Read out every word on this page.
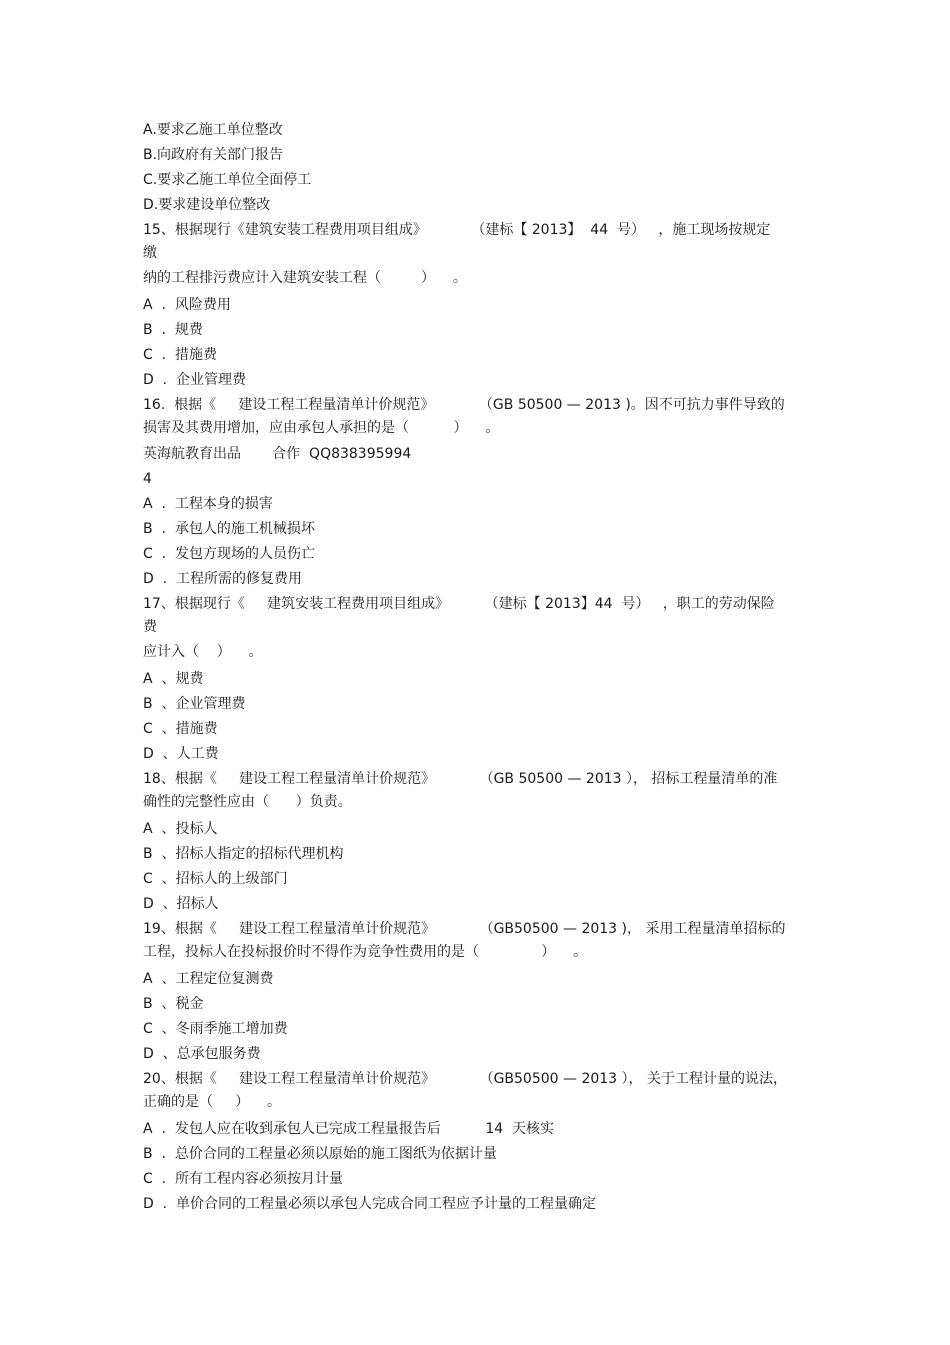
A.要求乙施工单位整改
B.向政府有关部门报告
C.要求乙施工单位全面停工
D.要求建设单位整改
15、根据现行《建筑安装工程费用项目组成》          （建标【 2013】  44  号）   ，施工现场按规定
缴
纳的工程排污费应计入建筑安装工程（         ）    。
A  .  风险费用
B  .  规费
C  .  措施费
D  .  企业管理费
16.  根据《     建设工程工程量清单计价规范》          （GB 50500 — 2013 )。因不可抗力事件导致的
损害及其费用增加，应由承包人承担的是（          ）    。
英海航教育出品       合作  QQ838395994
4
A  .  工程本身的损害
B  .  承包人的施工机械损坏
C  .  发包方现场的人员伤亡
D  .  工程所需的修复费用
17、根据现行《     建筑安装工程费用项目组成》        （建标【 2013】44  号）   ，职工的劳动保险
费
应计入（    ）    。
A  、规费
B  、企业管理费
C  、措施费
D  、人工费
18、根据《     建设工程工程量清单计价规范》          （GB 50500 — 2013 ）， 招标工程量清单的准
确性的完整性应由（      ）负责。
A  、投标人
B  、招标人指定的招标代理机构
C  、招标人的上级部门
D  、招标人
19、根据《     建设工程工程量清单计价规范》          （GB50500 — 2013 )， 采用工程量清单招标的
工程，投标人在投标报价时不得作为竞争性费用的是（              ）    。
A  、工程定位复测费
B  、税金
C  、冬雨季施工增加费
D  、总承包服务费
20、根据《     建设工程工程量清单计价规范》          （GB50500 — 2013 ）， 关于工程计量的说法，
正确的是（     ）    。
A  .  发包人应在收到承包人已完成工程量报告后          14  天核实
B  .  总价合同的工程量必须以原始的施工图纸为依据计量
C  .  所有工程内容必须按月计量
D  .  单价合同的工程量必须以承包人完成合同工程应予计量的工程量确定
